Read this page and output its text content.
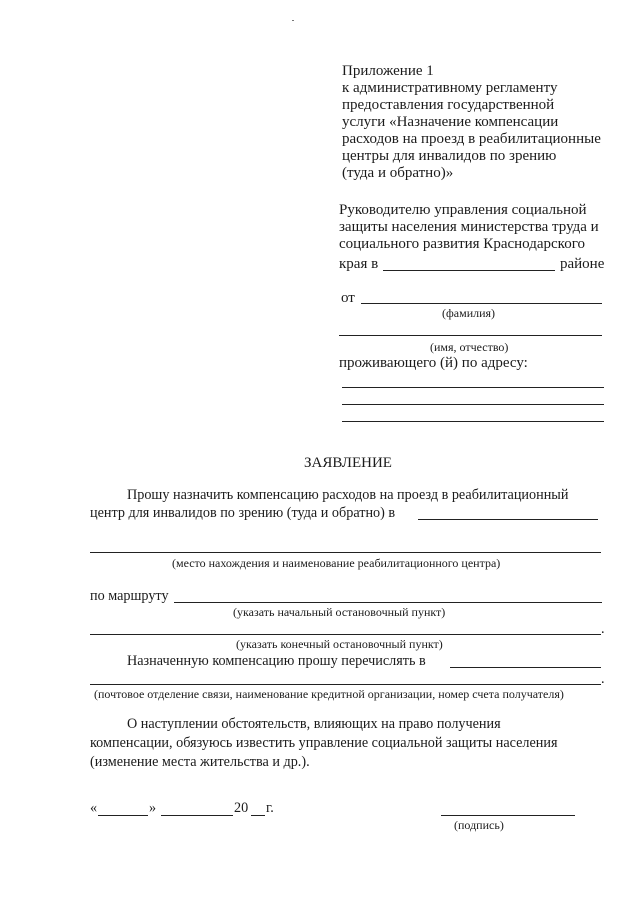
Приложение 1
к административному регламенту
предоставления государственной
услуги «Назначение компенсации
расходов на проезд в реабилитационные
центры для инвалидов по зрению
(туда и обратно)»
Руководителю управления социальной
защиты населения министерства труда и
социального развития Краснодарского
края в	районе
от
(фамилия)
(имя, отчество)
проживающего (й) по адресу:
ЗАЯВЛЕНИЕ
Прошу назначить компенсацию расходов на проезд в реабилитационный
центр для инвалидов по зрению (туда и обратно) в
(место нахождения и наименование реабилитационного центра)
по маршруту
(указать начальный остановочный пункт)
.
(указать конечный остановочный пункт)
Назначенную компенсацию прошу перечислять в
.
(почтовое отделение связи, наименование кредитной организации, номер счета получателя)
О наступлении обстоятельств, влияющих на право получения
компенсации, обязуюсь известить управление социальной защиты населения
(изменение места жительства и др.).
«	»	20 г.
(подпись)
